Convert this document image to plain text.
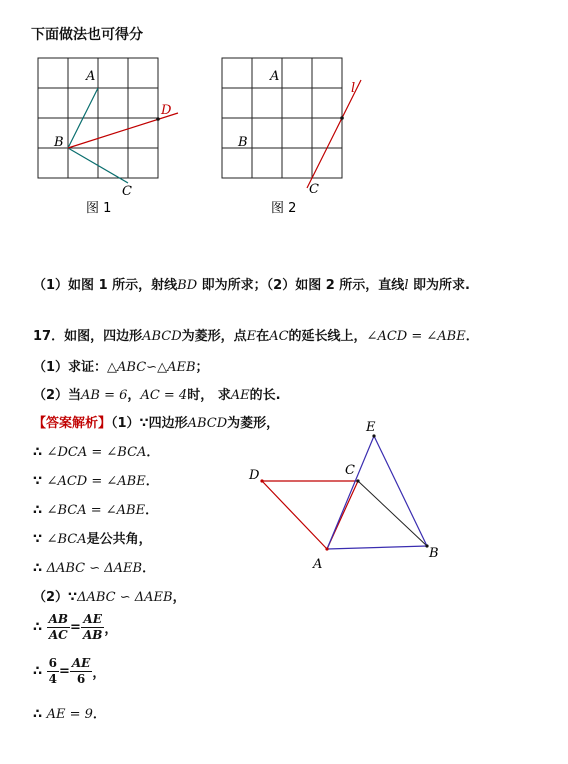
下面做法也可得分
A
B
C
D
图 1
A
B
C
l
图 2
（1）如图 1 所示，射线BD 即为所求；（2）如图 2 所示，直线l 即为所求.
17．如图，四边形ABCD为菱形，点E在AC的延长线上，∠ACD = ∠ABE．
（1）求证：△ABC∽△AEB；
（2）当AB = 6，AC = 4时， 求AE的长.
【答案解析】（1）∵四边形ABCD为菱形，
∴ ∠DCA = ∠BCA．
∵ ∠ACD = ∠ABE．
∴ ∠BCA = ∠ABE．
∵ ∠BCA是公共角，
∴ ΔABC ∽ ΔAEB．
（2）∵ΔABC ∽ ΔAEB，
∴ $\frac{AB}{AC} = \frac{AE}{AB}$ ，
∴ $\frac{6}{4} = \frac{AE}{6}$ ，
∴ AE = 9．
D	C
E
A
B
